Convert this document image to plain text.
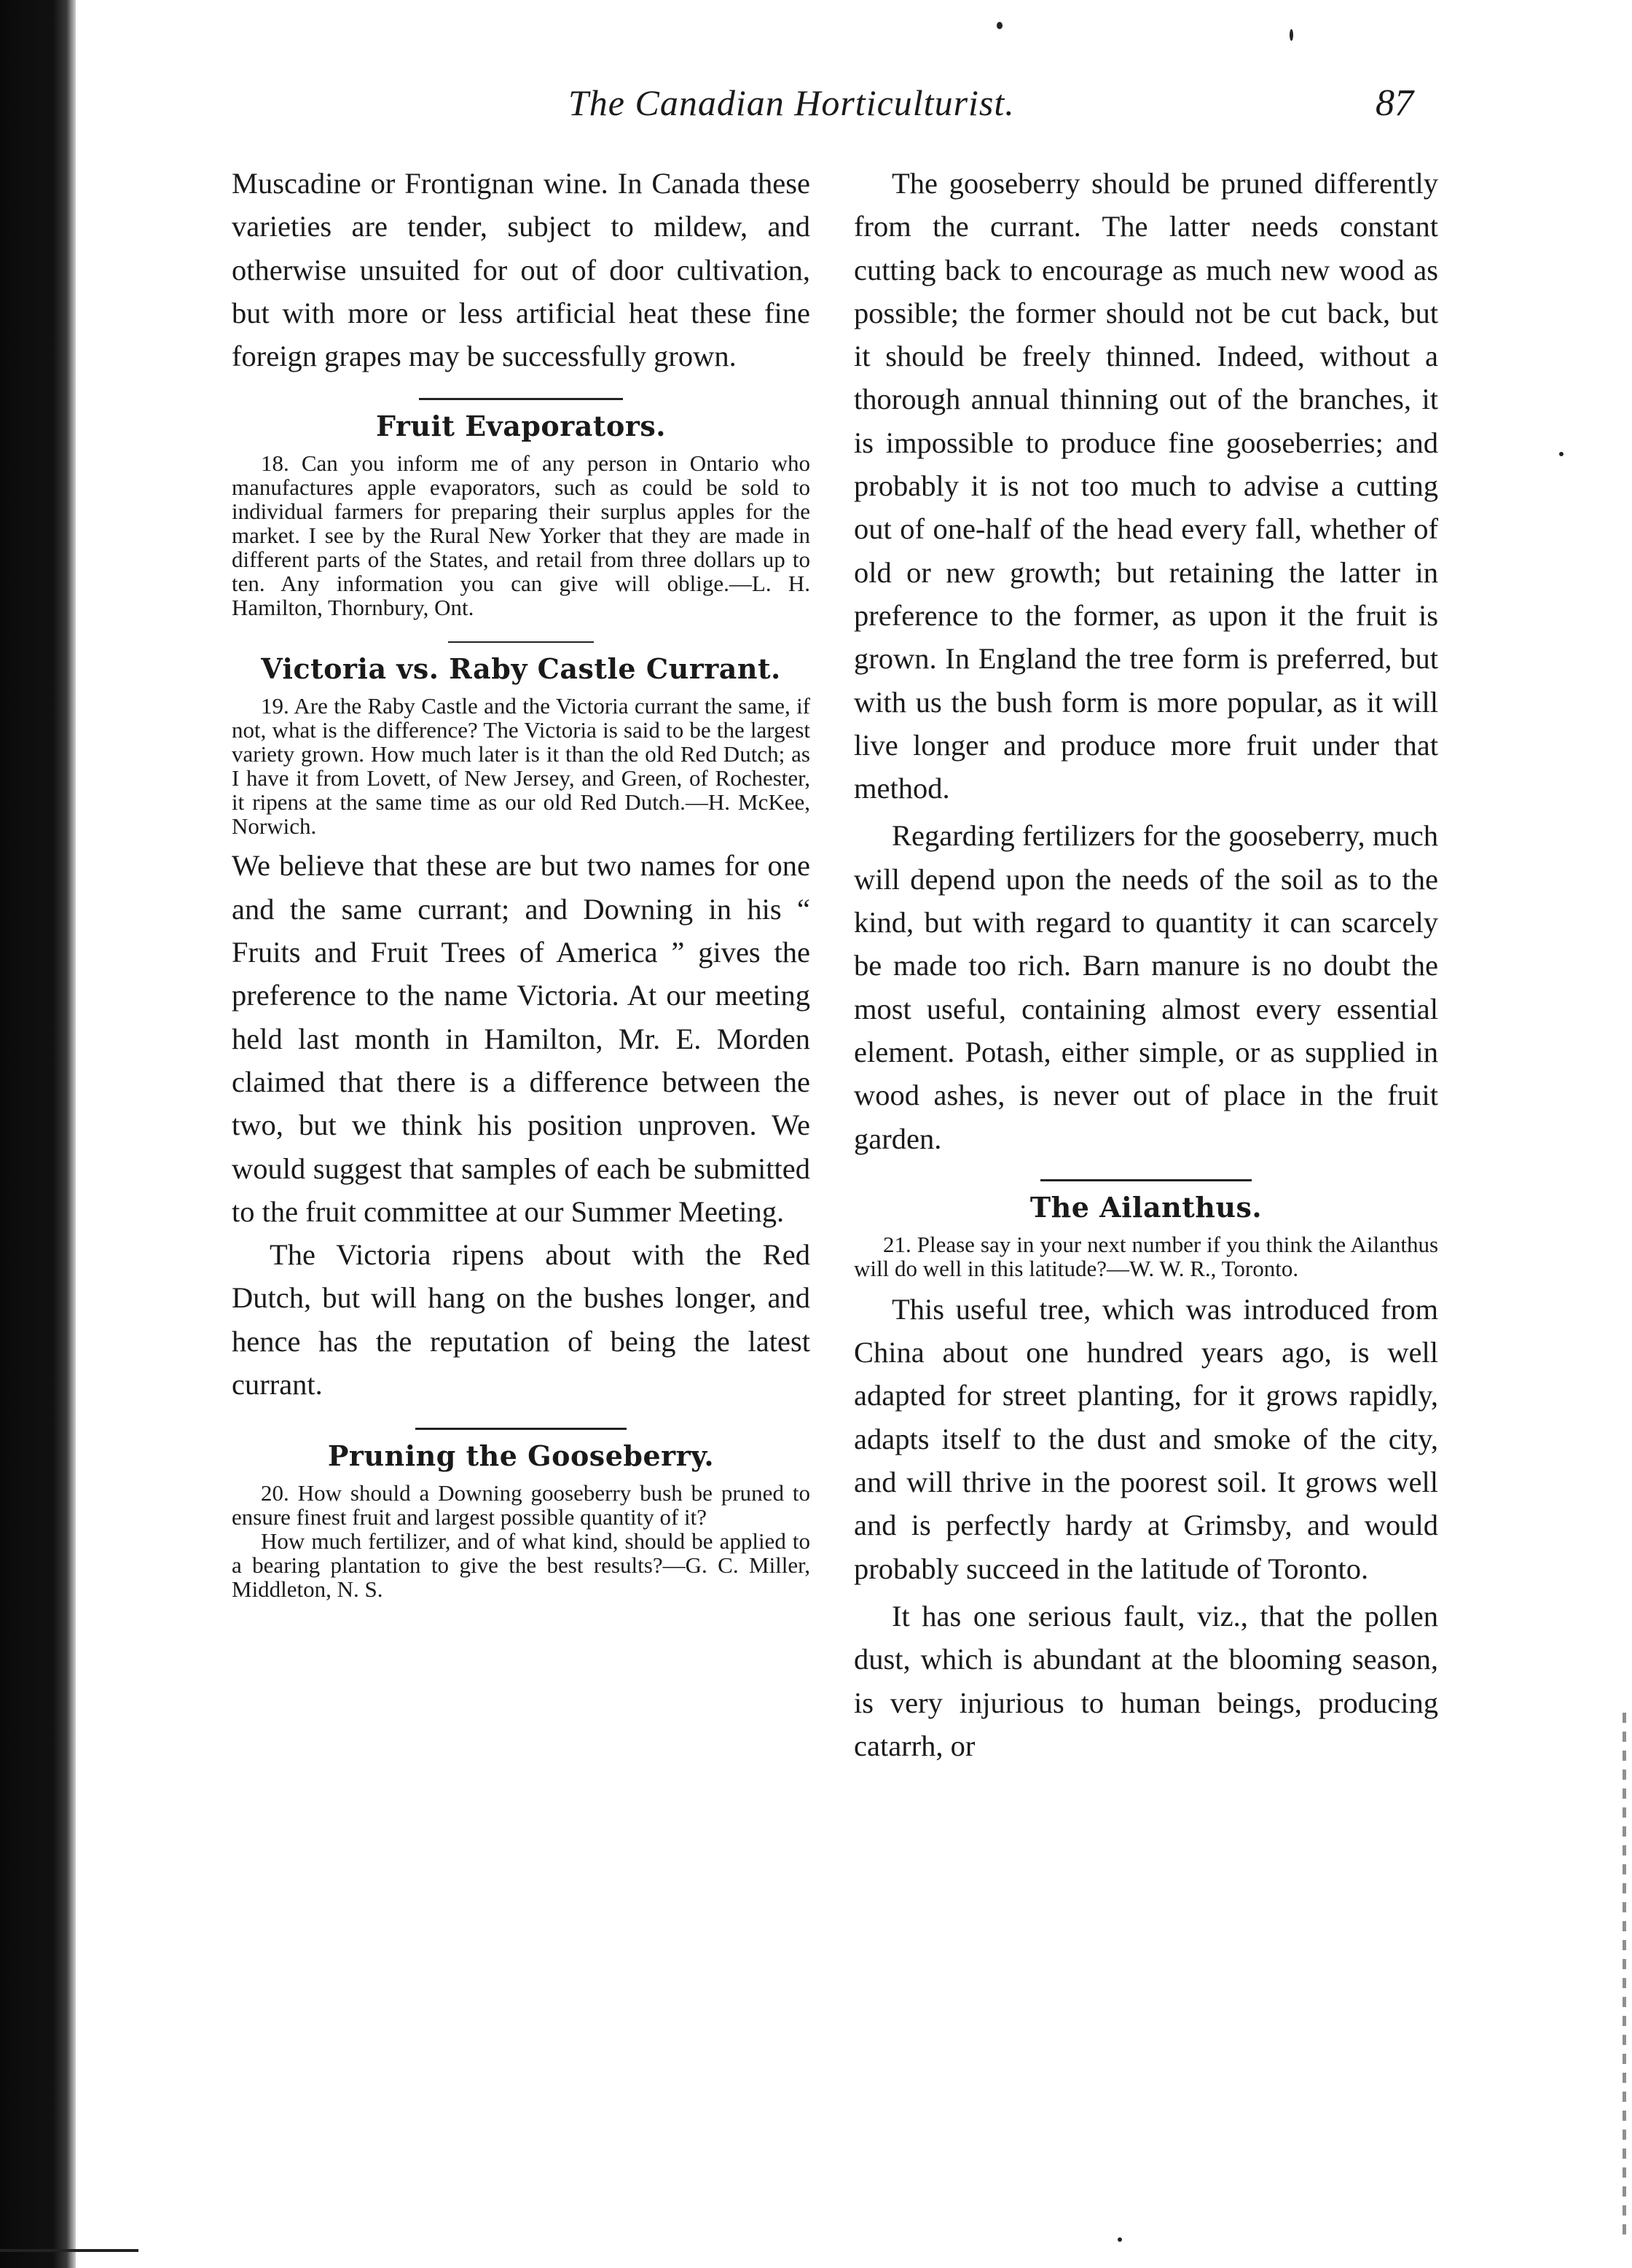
The Canadian Horticulturist.	87

Muscadine or Frontignan wine. In Canada these varieties are tender, subject to mildew, and otherwise unsuited for out of door cultivation, but with more or less artificial heat these fine foreign grapes may be successfully grown.

Fruit Evaporators.

18. Can you inform me of any person in Ontario who manufactures apple evaporators, such as could be sold to individual farmers for preparing their surplus apples for the market. I see by the Rural New Yorker that they are made in different parts of the States, and retail from three dollars up to ten. Any information you can give will oblige.—L. H. Hamilton, Thornbury, Ont.

Victoria vs. Raby Castle Currant.

19. Are the Raby Castle and the Victoria currant the same, if not, what is the difference? The Victoria is said to be the largest variety grown. How much later is it than the old Red Dutch; as I have it from Lovett, of New Jersey, and Green, of Rochester, it ripens at the same time as our old Red Dutch.—H. McKee, Norwich.

We believe that these are but two names for one and the same currant; and Downing in his “ Fruits and Fruit Trees of America ” gives the preference to the name Victoria. At our meeting held last month in Hamilton, Mr. E. Morden claimed that there is a difference between the two, but we think his position unproven. We would suggest that samples of each be submitted to the fruit committee at our Summer Meeting.

The Victoria ripens about with the Red Dutch, but will hang on the bushes longer, and hence has the reputation of being the latest currant.

Pruning the Gooseberry.

20. How should a Downing gooseberry bush be pruned to ensure finest fruit and largest possible quantity of it?

How much fertilizer, and of what kind, should be applied to a bearing plantation to give the best results?—G. C. Miller, Middleton, N. S.

The gooseberry should be pruned differently from the currant. The latter needs constant cutting back to encourage as much new wood as possible; the former should not be cut back, but it should be freely thinned. Indeed, without a thorough annual thinning out of the branches, it is impossible to produce fine gooseberries; and probably it is not too much to advise a cutting out of one-half of the head every fall, whether of old or new growth; but retaining the latter in preference to the former, as upon it the fruit is grown. In England the tree form is preferred, but with us the bush form is more popular, as it will live longer and produce more fruit under that method.

Regarding fertilizers for the gooseberry, much will depend upon the needs of the soil as to the kind, but with regard to quantity it can scarcely be made too rich. Barn manure is no doubt the most useful, containing almost every essential element. Potash, either simple, or as supplied in wood ashes, is never out of place in the fruit garden.

The Ailanthus.

21. Please say in your next number if you think the Ailanthus will do well in this latitude?—W. W. R., Toronto.

This useful tree, which was introduced from China about one hundred years ago, is well adapted for street planting, for it grows rapidly, adapts itself to the dust and smoke of the city, and will thrive in the poorest soil. It grows well and is perfectly hardy at Grimsby, and would probably succeed in the latitude of Toronto.

It has one serious fault, viz., that the pollen dust, which is abundant at the blooming season, is very injurious to human beings, producing catarrh, or
